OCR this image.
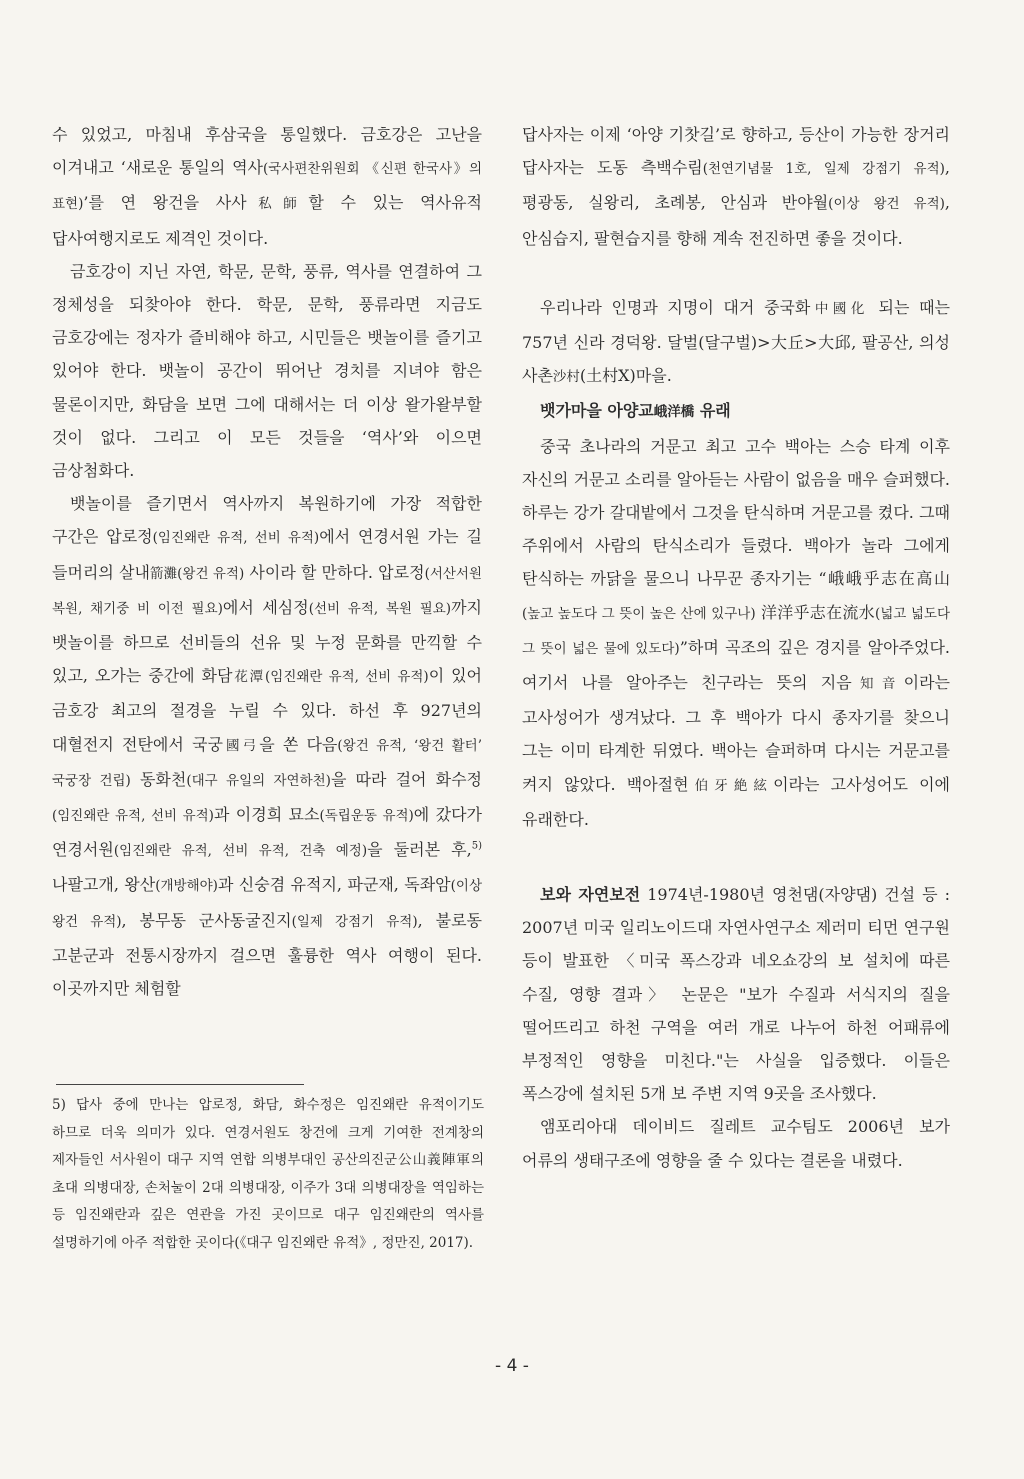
수 있었고, 마침내 후삼국을 통일했다. 금호강은 고난을 이겨내고 ‘새로운 통일의 역사(국사편찬위원회 《신편 한국사》의 표현)’를 연 왕건을 사사私師할 수 있는 역사유적 답사여행지로도 제격인 것이다.

금호강이 지닌 자연, 학문, 문학, 풍류, 역사를 연결하여 그 정체성을 되찾아야 한다. 학문, 문학, 풍류라면 지금도 금호강에는 정자가 즐비해야 하고, 시민들은 뱃놀이를 즐기고 있어야 한다. 뱃놀이 공간이 뛰어난 경치를 지녀야 함은 물론이지만, 화담을 보면 그에 대해서는 더 이상 왈가왈부할 것이 없다. 그리고 이 모든 것들을 ‘역사’와 이으면 금상첨화다.

뱃놀이를 즐기면서 역사까지 복원하기에 가장 적합한 구간은 압로정(임진왜란 유적, 선비 유적)에서 연경서원 가는 길 들머리의 살내箭灘(왕건 유적) 사이라 할 만하다. 압로정(서산서원 복원, 채기중 비 이전 필요)에서 세심정(선비 유적, 복원 필요)까지 뱃놀이를 하므로 선비들의 선유 및 누정 문화를 만끽할 수 있고, 오가는 중간에 화담花潭(임진왜란 유적, 선비 유적)이 있어 금호강 최고의 절경을 누릴 수 있다. 하선 후 927년의 대혈전지 전탄에서 국궁國弓을 쏜 다음(왕건 유적, ‘왕건 활터’ 국궁장 건립) 동화천(대구 유일의 자연하천)을 따라 걸어 화수정(임진왜란 유적, 선비 유적)과 이경희 묘소(독립운동 유적)에 갔다가 연경서원(임진왜란 유적, 선비 유적, 건축 예정)을 둘러본 후,$^{5)}$ 나팔고개, 왕산(개방해야)과 신숭겸 유적지, 파군재, 독좌암(이상 왕건 유적), 봉무동 군사동굴진지(일제 강점기 유적), 불로동 고분군과 전통시장까지 걸으면 훌륭한 역사 여행이 된다. 이곳까지만 체험할

5) 답사 중에 만나는 압로정, 화담, 화수정은 임진왜란 유적이기도 하므로 더욱 의미가 있다. 연경서원도 창건에 크게 기여한 전계창의 제자들인 서사원이 대구 지역 연합 의병부대인 공산의진군公山義陣軍의 초대 의병대장, 손처눌이 2대 의병대장, 이주가 3대 의병대장을 역임하는 등 임진왜란과 깊은 연관을 가진 곳이므로 대구 임진왜란의 역사를 설명하기에 아주 적합한 곳이다(《대구 임진왜란 유적》, 정만진, 2017).

답사자는 이제 ‘아양 기찻길’로 향하고, 등산이 가능한 장거리 답사자는 도동 측백수림(천연기념물 1호, 일제 강점기 유적), 평광동, 실왕리, 초례봉, 안심과 반야월(이상 왕건 유적), 안심습지, 팔현습지를 향해 계속 전진하면 좋을 것이다.

우리나라 인명과 지명이 대거 중국화中國化 되는 때는 757년 신라 경덕왕. 달벌(달구벌)>大丘>大邱, 팔공산, 의성 사촌沙村(土村X)마을.

뱃가마을 아양교峨洋橋 유래

중국 초나라의 거문고 최고 고수 백아는 스승 타계 이후 자신의 거문고 소리를 알아듣는 사람이 없음을 매우 슬퍼했다. 하루는 강가 갈대밭에서 그것을 탄식하며 거문고를 켰다. 그때 주위에서 사람의 탄식소리가 들렸다. 백아가 놀라 그에게 탄식하는 까닭을 물으니 나무꾼 종자기는 “峨峨乎志在高山(높고 높도다 그 뜻이 높은 산에 있구나) 洋洋乎志在流水(넓고 넓도다 그 뜻이 넓은 물에 있도다)”하며 곡조의 깊은 경지를 알아주었다. 여기서 나를 알아주는 친구라는 뜻의 지음知音이라는 고사성어가 생겨났다. 그 후 백아가 다시 종자기를 찾으니 그는 이미 타계한 뒤였다. 백아는 슬퍼하며 다시는 거문고를 켜지 않았다. 백아절현伯牙絶絃이라는 고사성어도 이에 유래한다.

보와 자연보전 1974년-1980년 영천댐(자양댐) 건설 등 : 2007년 미국 일리노이드대 자연사연구소 제러미 티먼 연구원 등이 발표한 〈미국 폭스강과 네오쇼강의 보 설치에 따른 수질, 영향 결과〉 논문은 "보가 수질과 서식지의 질을 떨어뜨리고 하천 구역을 여러 개로 나누어 하천 어패류에 부정적인 영향을 미친다."는 사실을 입증했다. 이들은 폭스강에 설치된 5개 보 주변 지역 9곳을 조사했다.

앰포리아대 데이비드 질레트 교수팀도 2006년 보가 어류의 생태구조에 영향을 줄 수 있다는 결론을 내렸다.

- 4 -
